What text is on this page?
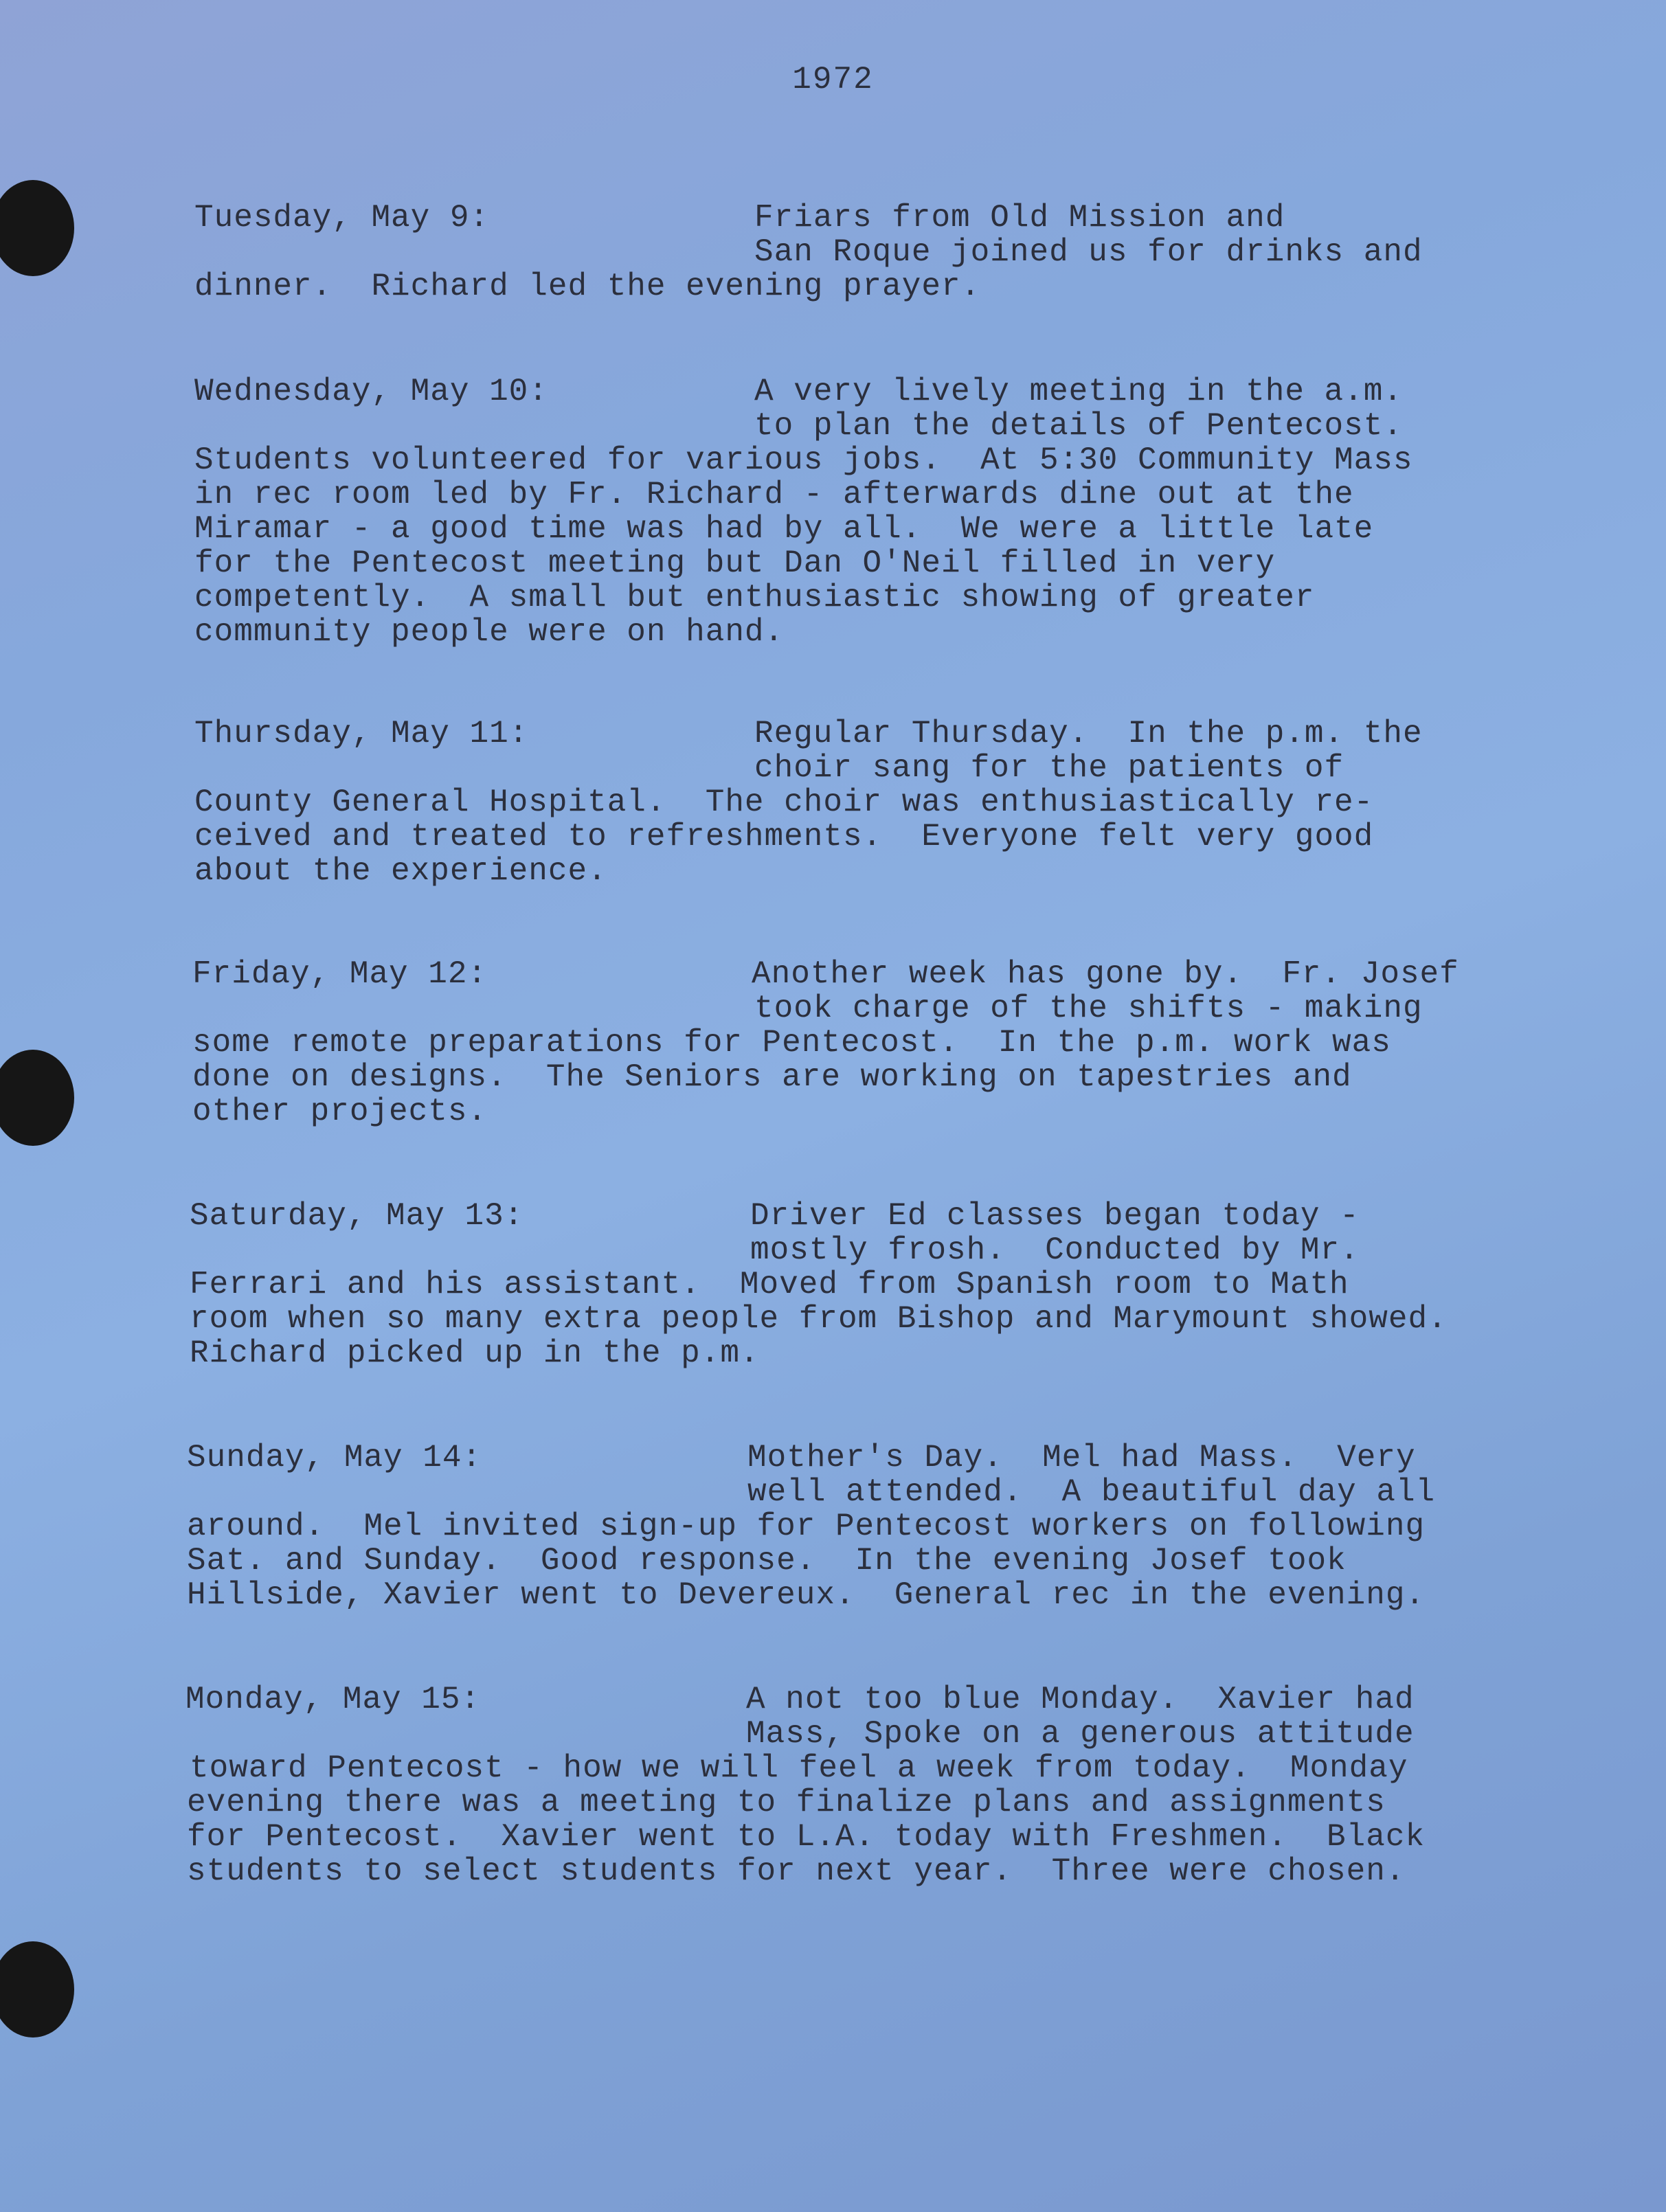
1972
Tuesday, May 9:	Friars from Old Mission and
San Roque joined us for drinks and
dinner.  Richard led the evening prayer.
Wednesday, May 10:	A very lively meeting in the a.m.
to plan the details of Pentecost.
Students volunteered for various jobs.  At 5:30 Community Mass
in rec room led by Fr. Richard - afterwards dine out at the
Miramar - a good time was had by all.  We were a little late
for the Pentecost meeting but Dan O'Neil filled in very
competently.  A small but enthusiastic showing of greater
community people were on hand.
Thursday, May 11:	Regular Thursday.  In the p.m. the
choir sang for the patients of
County General Hospital.  The choir was enthusiastically re-
ceived and treated to refreshments.  Everyone felt very good
about the experience.
Friday, May 12:	Another week has gone by.  Fr. Josef
took charge of the shifts - making
some remote preparations for Pentecost.  In the p.m. work was
done on designs.  The Seniors are working on tapestries and
other projects.
Saturday, May 13:	Driver Ed classes began today -
mostly frosh.  Conducted by Mr.
Ferrari and his assistant.  Moved from Spanish room to Math
room when so many extra people from Bishop and Marymount showed.
Richard picked up in the p.m.
Sunday, May 14:	Mother's Day.  Mel had Mass.  Very
well attended.  A beautiful day all
around.  Mel invited sign-up for Pentecost workers on following
Sat. and Sunday.  Good response.  In the evening Josef took
Hillside, Xavier went to Devereux.  General rec in the evening.
Monday, May 15:	A not too blue Monday.  Xavier had
Mass, Spoke on a generous attitude
toward Pentecost - how we will feel a week from today.  Monday
evening there was a meeting to finalize plans and assignments
for Pentecost.  Xavier went to L.A. today with Freshmen.  Black
students to select students for next year.  Three were chosen.
